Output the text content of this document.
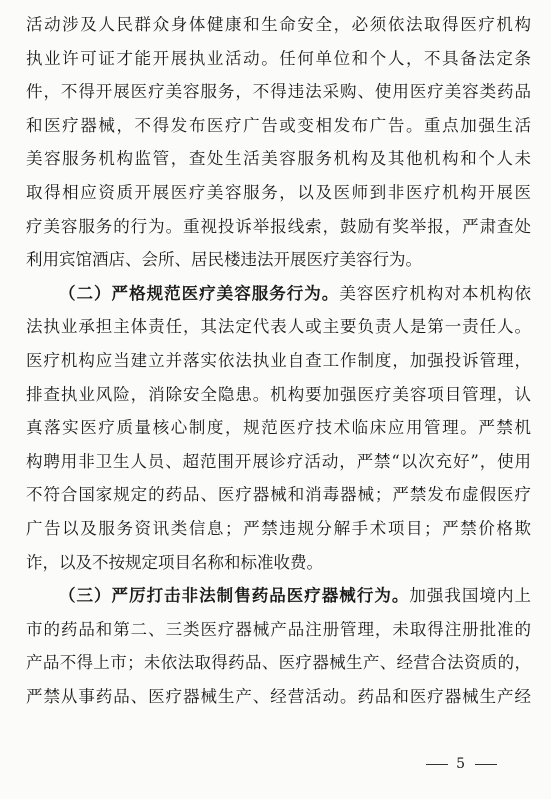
活动涉及人民群众身体健康和生命安全，必须依法取得医疗机构
执业许可证才能开展执业活动。任何单位和个人，不具备法定条
件，不得开展医疗美容服务，不得违法采购、使用医疗美容类药品
和医疗器械，不得发布医疗广告或变相发布广告。重点加强生活
美容服务机构监管，查处生活美容服务机构及其他机构和个人未
取得相应资质开展医疗美容服务，以及医师到非医疗机构开展医
疗美容服务的行为。重视投诉举报线索，鼓励有奖举报，严肃查处
利用宾馆酒店、会所、居民楼违法开展医疗美容行为。
（二）严格规范医疗美容服务行为。美容医疗机构对本机构依
法执业承担主体责任，其法定代表人或主要负责人是第一责任人。
医疗机构应当建立并落实依法执业自查工作制度，加强投诉管理，
排查执业风险，消除安全隐患。机构要加强医疗美容项目管理，认
真落实医疗质量核心制度，规范医疗技术临床应用管理。严禁机
构聘用非卫生人员、超范围开展诊疗活动，严禁“以次充好”，使用
不符合国家规定的药品、医疗器械和消毒器械；严禁发布虚假医疗
广告以及服务资讯类信息；严禁违规分解手术项目；严禁价格欺
诈，以及不按规定项目名称和标准收费。
（三）严厉打击非法制售药品医疗器械行为。加强我国境内上
市的药品和第二、三类医疗器械产品注册管理，未取得注册批准的
产品不得上市；未依法取得药品、医疗器械生产、经营合法资质的，
严禁从事药品、医疗器械生产、经营活动。药品和医疗器械生产经
5
